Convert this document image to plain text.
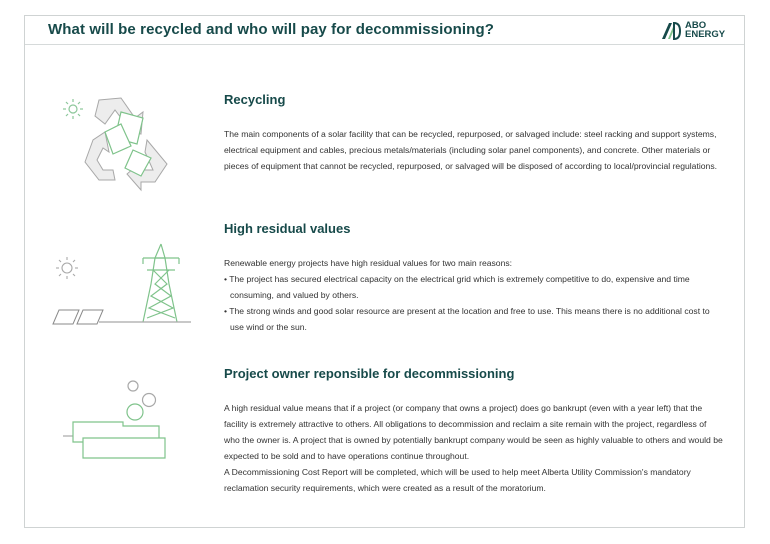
What will be recycled and who will pay for decommissioning?	ABO
ENERGY
Recycling

The main components of a solar facility that can be recycled, repurposed, or salvaged include: steel racking and support systems, electrical equipment and cables, precious metals/materials (including solar panel components), and concrete. Other materials or pieces of equipment that cannot be recycled, repurposed, or salvaged will be disposed of according to local/provincial regulations.

High residual values

Renewable energy projects have high residual values for two main reasons:

• The project has secured electrical capacity on the electrical grid which is extremely competitive to do, expensive and time consuming, and valued by others.

• The strong winds and good solar resource are present at the location and free to use. This means there is no additional cost to use wind or the sun.

Project owner reponsible for decommissioning

A high residual value means that if a project (or company that owns a project) does go bankrupt (even with a year left) that the facility is extremely attractive to others. All obligations to decommission and reclaim a site remain with the project, regardless of who the owner is. A project that is owned by potentially bankrupt company would be seen as highly valuable to others and would be expected to be sold and to have operations continue throughout.

A Decommissioning Cost Report will be completed, which will be used to help meet Alberta Utility Commission's mandatory reclamation security requirements, which were created as a result of the moratorium.
